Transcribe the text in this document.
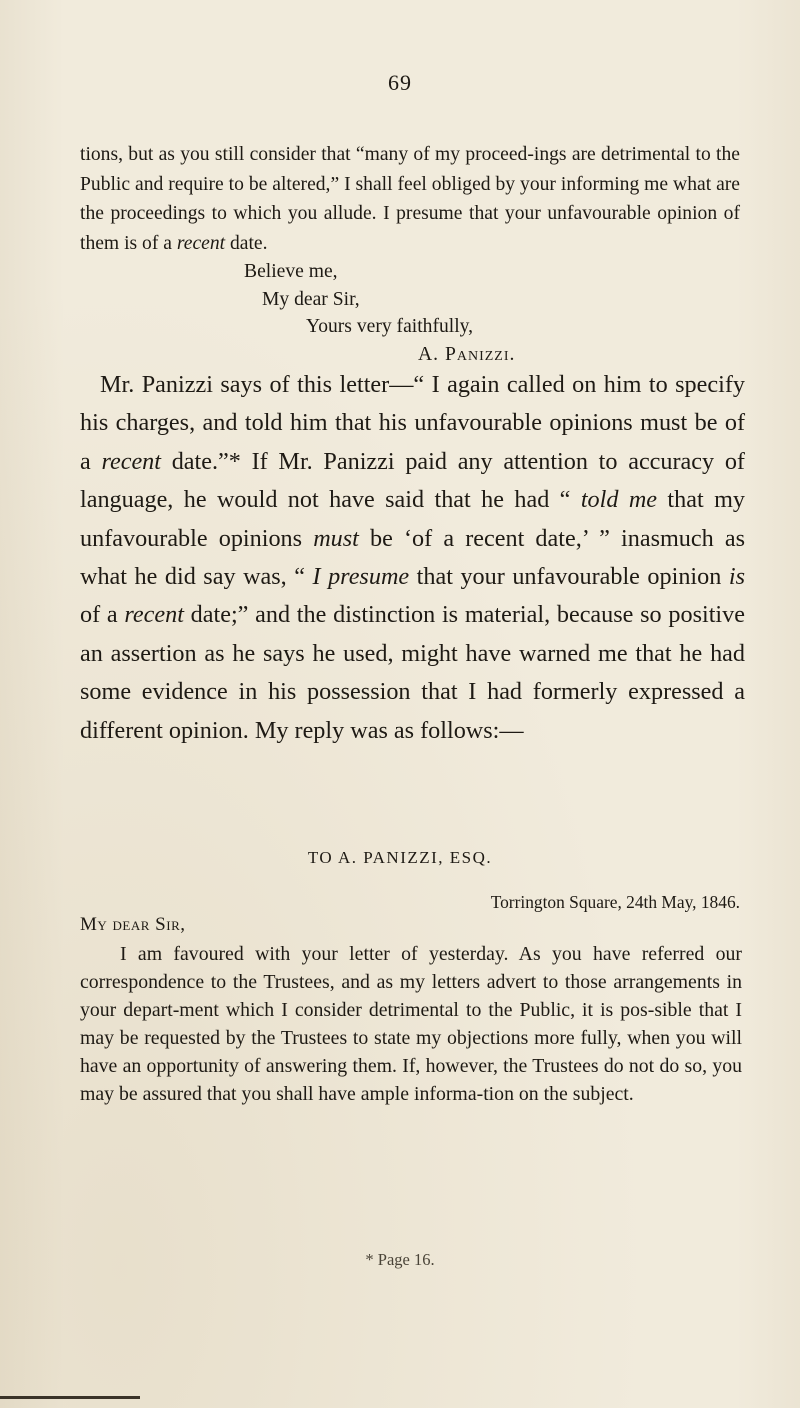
69

tions, but as you still consider that “many of my proceed-ings are detrimental to the Public and require to be altered,” I shall feel obliged by your informing me what are the proceedings to which you allude. I presume that your unfavourable opinion of them is of a recent date.

Believe me,
My dear Sir,
Yours very faithfully,
A. Panizzi.

Mr. Panizzi says of this letter—“ I again called on him to specify his charges, and told him that his unfavourable opinions must be of a recent date.”* If Mr. Panizzi paid any attention to accuracy of language, he would not have said that he had “ told me that my unfavourable opinions must be ‘of a recent date,’ ” inasmuch as what he did say was, “ I presume that your unfavourable opinion is of a recent date;” and the distinction is material, because so positive an assertion as he says he used, might have warned me that he had some evidence in his possession that I had formerly expressed a different opinion. My reply was as follows:—

TO A. PANIZZI, ESQ.
Torrington Square, 24th May, 1846.
My dear Sir,

I am favoured with your letter of yesterday. As you have referred our correspondence to the Trustees, and as my letters advert to those arrangements in your depart-ment which I consider detrimental to the Public, it is pos-sible that I may be requested by the Trustees to state my objections more fully, when you will have an opportunity of answering them. If, however, the Trustees do not do so, you may be assured that you shall have ample informa-tion on the subject.

* Page 16.
